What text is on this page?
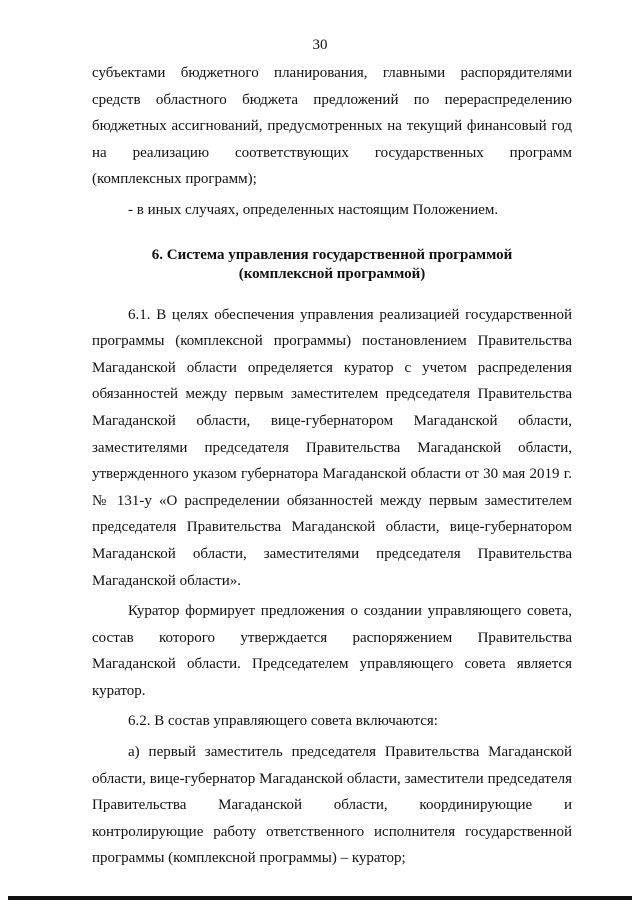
30

субъектами бюджетного планирования, главными распорядителями средств областного бюджета предложений по перераспределению бюджетных ассигнований, предусмотренных на текущий финансовый год на реализацию соответствующих государственных программ (комплексных программ);

- в иных случаях, определенных настоящим Положением.

6. Система управления государственной программой
(комплексной программой)

6.1. В целях обеспечения управления реализацией государственной программы (комплексной программы) постановлением Правительства Магаданской области определяется куратор с учетом распределения обязанностей между первым заместителем председателя Правительства Магаданской области, вице-губернатором Магаданской области, заместителями председателя Правительства Магаданской области, утвержденного указом губернатора Магаданской области от 30 мая 2019 г. № 131-у «О распределении обязанностей между первым заместителем председателя Правительства Магаданской области, вице-губернатором Магаданской области, заместителями председателя Правительства Магаданской области».

Куратор формирует предложения о создании управляющего совета, состав которого утверждается распоряжением Правительства Магаданской области. Председателем управляющего совета является куратор.

6.2. В состав управляющего совета включаются:

а) первый заместитель председателя Правительства Магаданской области, вице-губернатор Магаданской области, заместители председателя Правительства Магаданской области, координирующие и контролирующие работу ответственного исполнителя государственной программы (комплексной программы) – куратор;
